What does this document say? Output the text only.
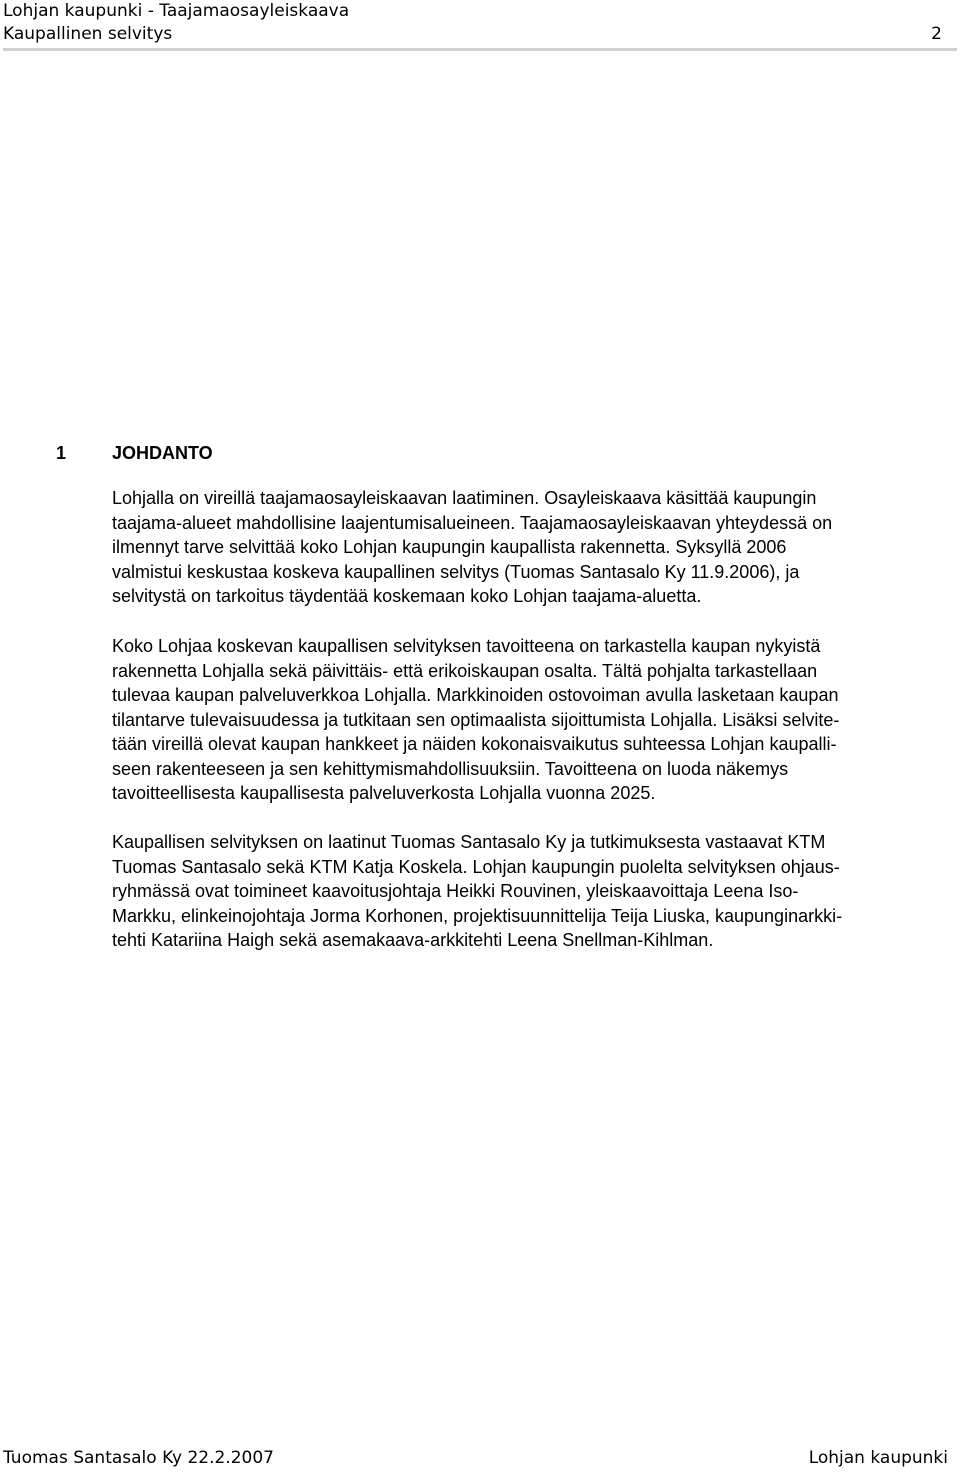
Lohjan kaupunki - Taajamaosayleiskaava
Kaupallinen selvitys	2
1	JOHDANTO

Lohjalla on vireillä taajamaosayleiskaavan laatiminen. Osayleiskaava käsittää kaupungin
taajama-alueet mahdollisine laajentumisalueineen. Taajamaosayleiskaavan yhteydessä on
ilmennyt tarve selvittää koko Lohjan kaupungin kaupallista rakennetta. Syksyllä 2006
valmistui keskustaa koskeva kaupallinen selvitys (Tuomas Santasalo Ky 11.9.2006), ja
selvitystä on tarkoitus täydentää koskemaan koko Lohjan taajama-aluetta.

Koko Lohjaa koskevan kaupallisen selvityksen tavoitteena on tarkastella kaupan nykyistä
rakennetta Lohjalla sekä päivittäis- että erikoiskaupan osalta. Tältä pohjalta tarkastellaan
tulevaa kaupan palveluverkkoa Lohjalla. Markkinoiden ostovoiman avulla lasketaan kaupan
tilantarve tulevaisuudessa ja tutkitaan sen optimaalista sijoittumista Lohjalla. Lisäksi selvite-
tään vireillä olevat kaupan hankkeet ja näiden kokonaisvaikutus suhteessa Lohjan kaupalli-
seen rakenteeseen ja sen kehittymismahdollisuuksiin. Tavoitteena on luoda näkemys
tavoitteellisesta kaupallisesta palveluverkosta Lohjalla vuonna 2025.

Kaupallisen selvityksen on laatinut Tuomas Santasalo Ky ja tutkimuksesta vastaavat KTM
Tuomas Santasalo sekä KTM Katja Koskela. Lohjan kaupungin puolelta selvityksen ohjaus-
ryhmässä ovat toimineet kaavoitusjohtaja Heikki Rouvinen, yleiskaavoittaja Leena Iso-
Markku, elinkeinojohtaja Jorma Korhonen, projektisuunnittelija Teija Liuska, kaupunginarkki-
tehti Katariina Haigh sekä asemakaava-arkkitehti Leena Snellman-Kihlman.

Tuomas Santasalo Ky 22.2.2007	Lohjan kaupunki
